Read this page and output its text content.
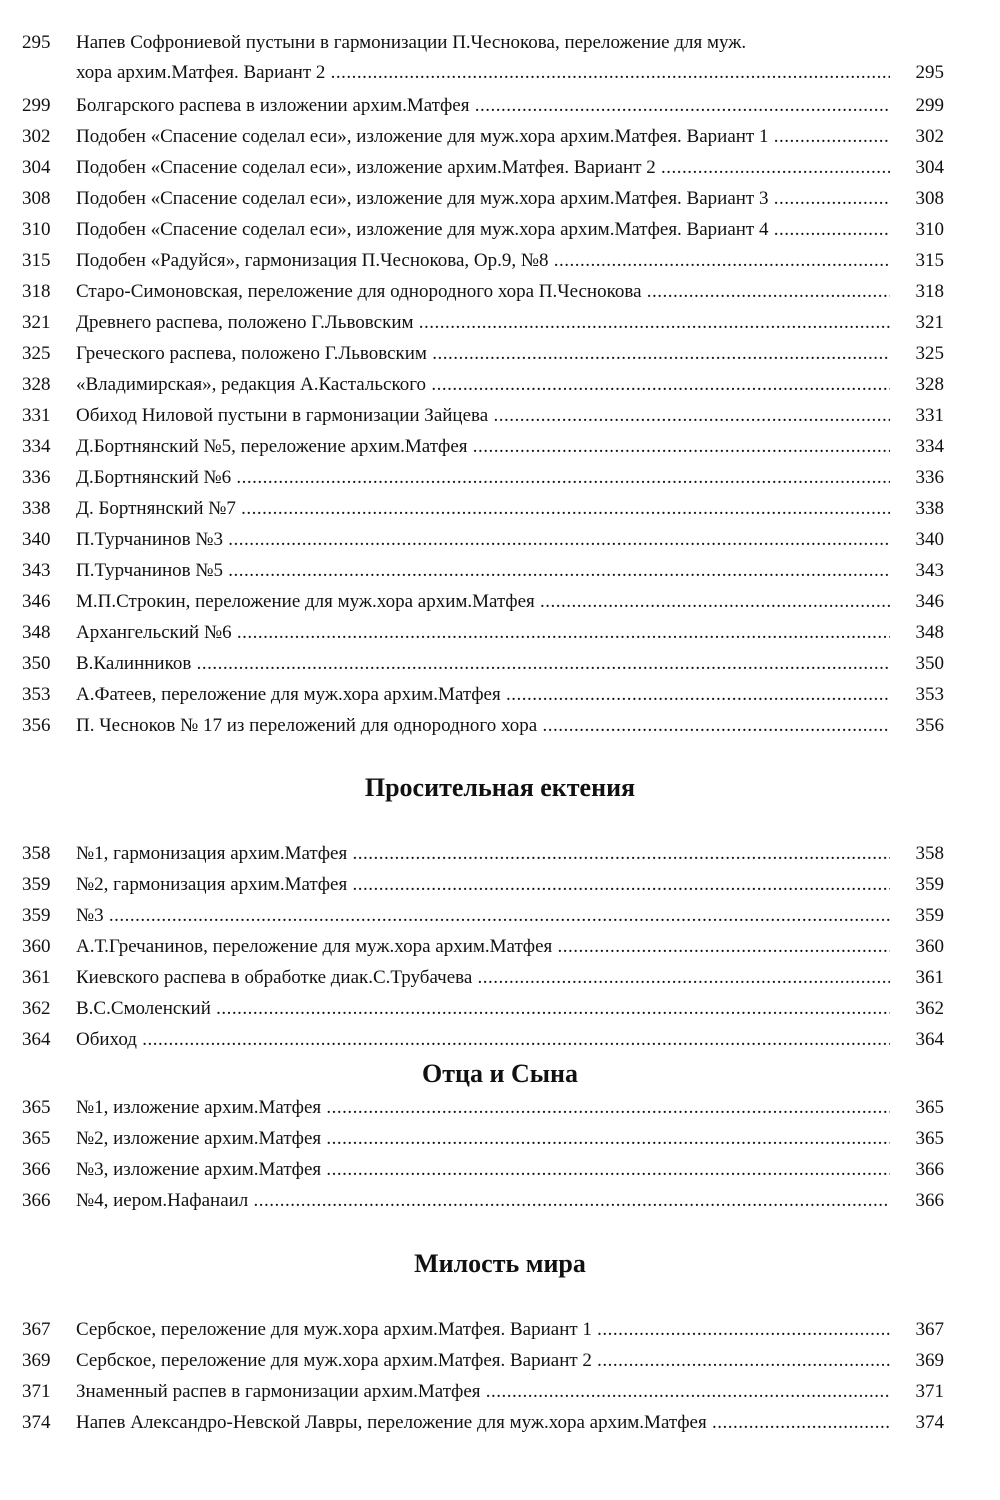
295	Напев Софрониевой пустыни в гармонизации П.Чеснокова, переложение для муж.
хора архим.Матфея. Вариант 2 .....	295
299	Болгарского распева в изложении архим.Матфея .....	299
302	Подобен «Спасение соделал еси», изложение для муж.хора архим.Матфея. Вариант 1 .....	302
304	Подобен «Спасение соделал еси», изложение архим.Матфея. Вариант 2 .....	304
308	Подобен «Спасение соделал еси», изложение для муж.хора архим.Матфея. Вариант 3 .....	308
310	Подобен «Спасение соделал еси», изложение для муж.хора архим.Матфея. Вариант 4 .....	310
315	Подобен «Радуйся», гармонизация П.Чеснокова, Op.9, №8 .....	315
318	Старо-Симоновская, переложение для однородного хора П.Чеснокова .....	318
321	Древнего распева, положено Г.Львовским .....	321
325	Греческого распева, положено Г.Львовским .....	325
328	«Владимирская», редакция А.Кастальского .....	328
331	Обиход Ниловой пустыни в гармонизации Зайцева .....	331
334	Д.Бортнянский №5, переложение архим.Матфея .....	334
336	Д.Бортнянский №6 .....	336
338	Д. Бортнянский №7 .....	338
340	П.Турчанинов №3 .....	340
343	П.Турчанинов №5 .....	343
346	М.П.Строкин, переложение для муж.хора архим.Матфея .....	346
348	Архангельский №6 .....	348
350	В.Калинников .....	350
353	А.Фатеев, переложение для муж.хора архим.Матфея .....	353
356	П. Чесноков № 17 из переложений для однородного хора .....	356
Просительная ектения
358	№1, гармонизация архим.Матфея .....	358
359	№2, гармонизация архим.Матфея .....	359
359	№3 .....	359
360	А.Т.Гречанинов, переложение для муж.хора архим.Матфея .....	360
361	Киевского распева в обработке диак.С.Трубачева .....	361
362	В.С.Смоленский .....	362
364	Обиход .....	364
Отца и Сына
365	№1, изложение архим.Матфея .....	365
365	№2, изложение архим.Матфея .....	365
366	№3, изложение архим.Матфея .....	366
366	№4, иером.Нафанаил .....	366
Милость мира
367	Сербское, переложение для муж.хора архим.Матфея. Вариант 1 .....	367
369	Сербское, переложение для муж.хора архим.Матфея. Вариант 2 .....	369
371	Знаменный распев в гармонизации архим.Матфея .....	371
374	Напев Александро-Невской Лавры, переложение для муж.хора архим.Матфея .....	374
